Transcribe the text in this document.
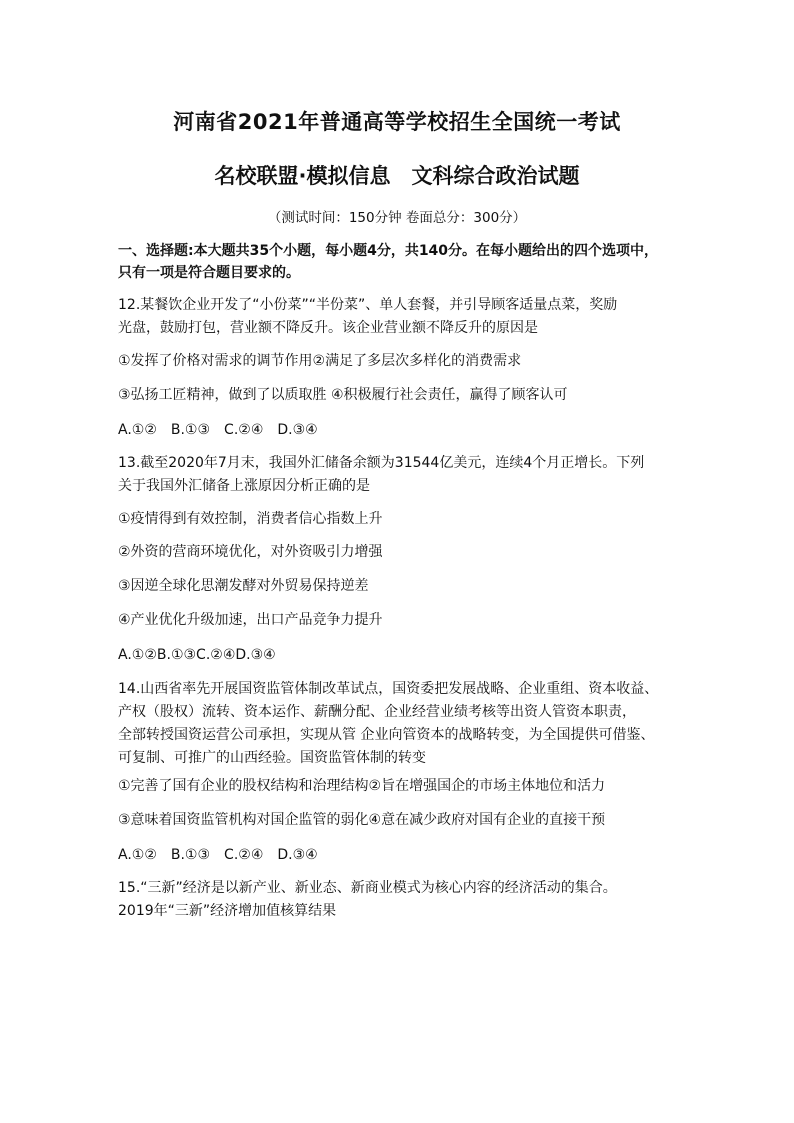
河南省2021年普通高等学校招生全国统一考试
名校联盟·模拟信息　文科综合政治试题
（测试时间：150分钟 卷面总分：300分）
一、选择题:本大题共35个小题，每小题4分，共140分。在每小题给出的四个选项中，
只有一项是符合题目要求的。
12.某餐饮企业开发了“小份菜”“半份菜”、单人套餐，并引导顾客适量点菜，奖励
光盘，鼓励打包，营业额不降反升。该企业营业额不降反升的原因是
①发挥了价格对需求的调节作用②满足了多层次多样化的消费需求
③弘扬工匠精神，做到了以质取胜 ④积极履行社会责任，赢得了顾客认可
A.①②　B.①③　C.②④　D.③④
13.截至2020年7月末，我国外汇储备余额为31544亿美元，连续4个月正增长。下列
关于我国外汇储备上涨原因分析正确的是
①疫情得到有效控制，消费者信心指数上升
②外资的营商环境优化，对外资吸引力增强
③因逆全球化思潮发酵对外贸易保持逆差
④产业优化升级加速，出口产品竞争力提升
A.①②B.①③C.②④D.③④
14.山西省率先开展国资监管体制改革试点，国资委把发展战略、企业重组、资本收益、
产权（股权）流转、资本运作、薪酬分配、企业经营业绩考核等出资人管资本职责，
全部转授国资运营公司承担，实现从管 企业向管资本的战略转变，为全国提供可借鉴、
可复制、可推广的山西经验。国资监管体制的转变
①完善了国有企业的股权结构和治理结构②旨在增强国企的市场主体地位和活力
③意味着国资监管机构对国企监管的弱化④意在减少政府对国有企业的直接干预
A.①②　B.①③　C.②④　D.③④
15.“三新”经济是以新产业、新业态、新商业模式为核心内容的经济活动的集合。
2019年“三新”经济增加值核算结果
